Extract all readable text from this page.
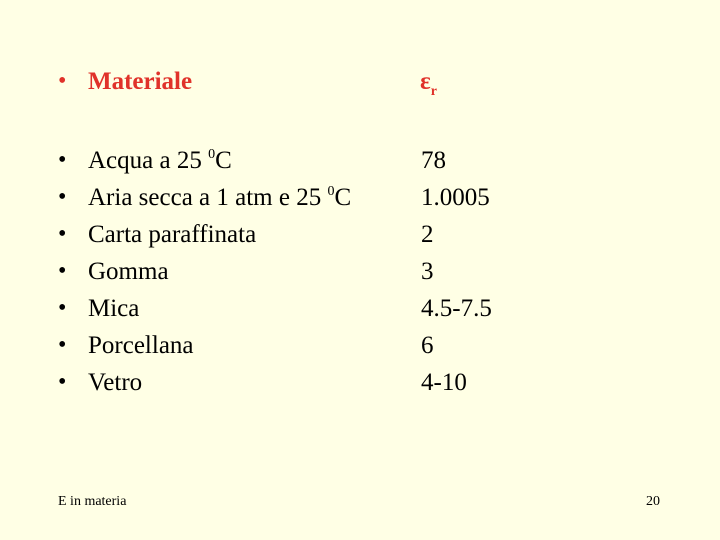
• Materiale	$\varepsilon_r$
• Acqua a 25 $^0$C	78
• Aria secca a 1 atm e 25 $^0$C	1.0005
• Carta paraffinata	2
• Gomma	3
• Mica	4.5-7.5
• Porcellana	6
• Vetro	4-10
E in materia	20
